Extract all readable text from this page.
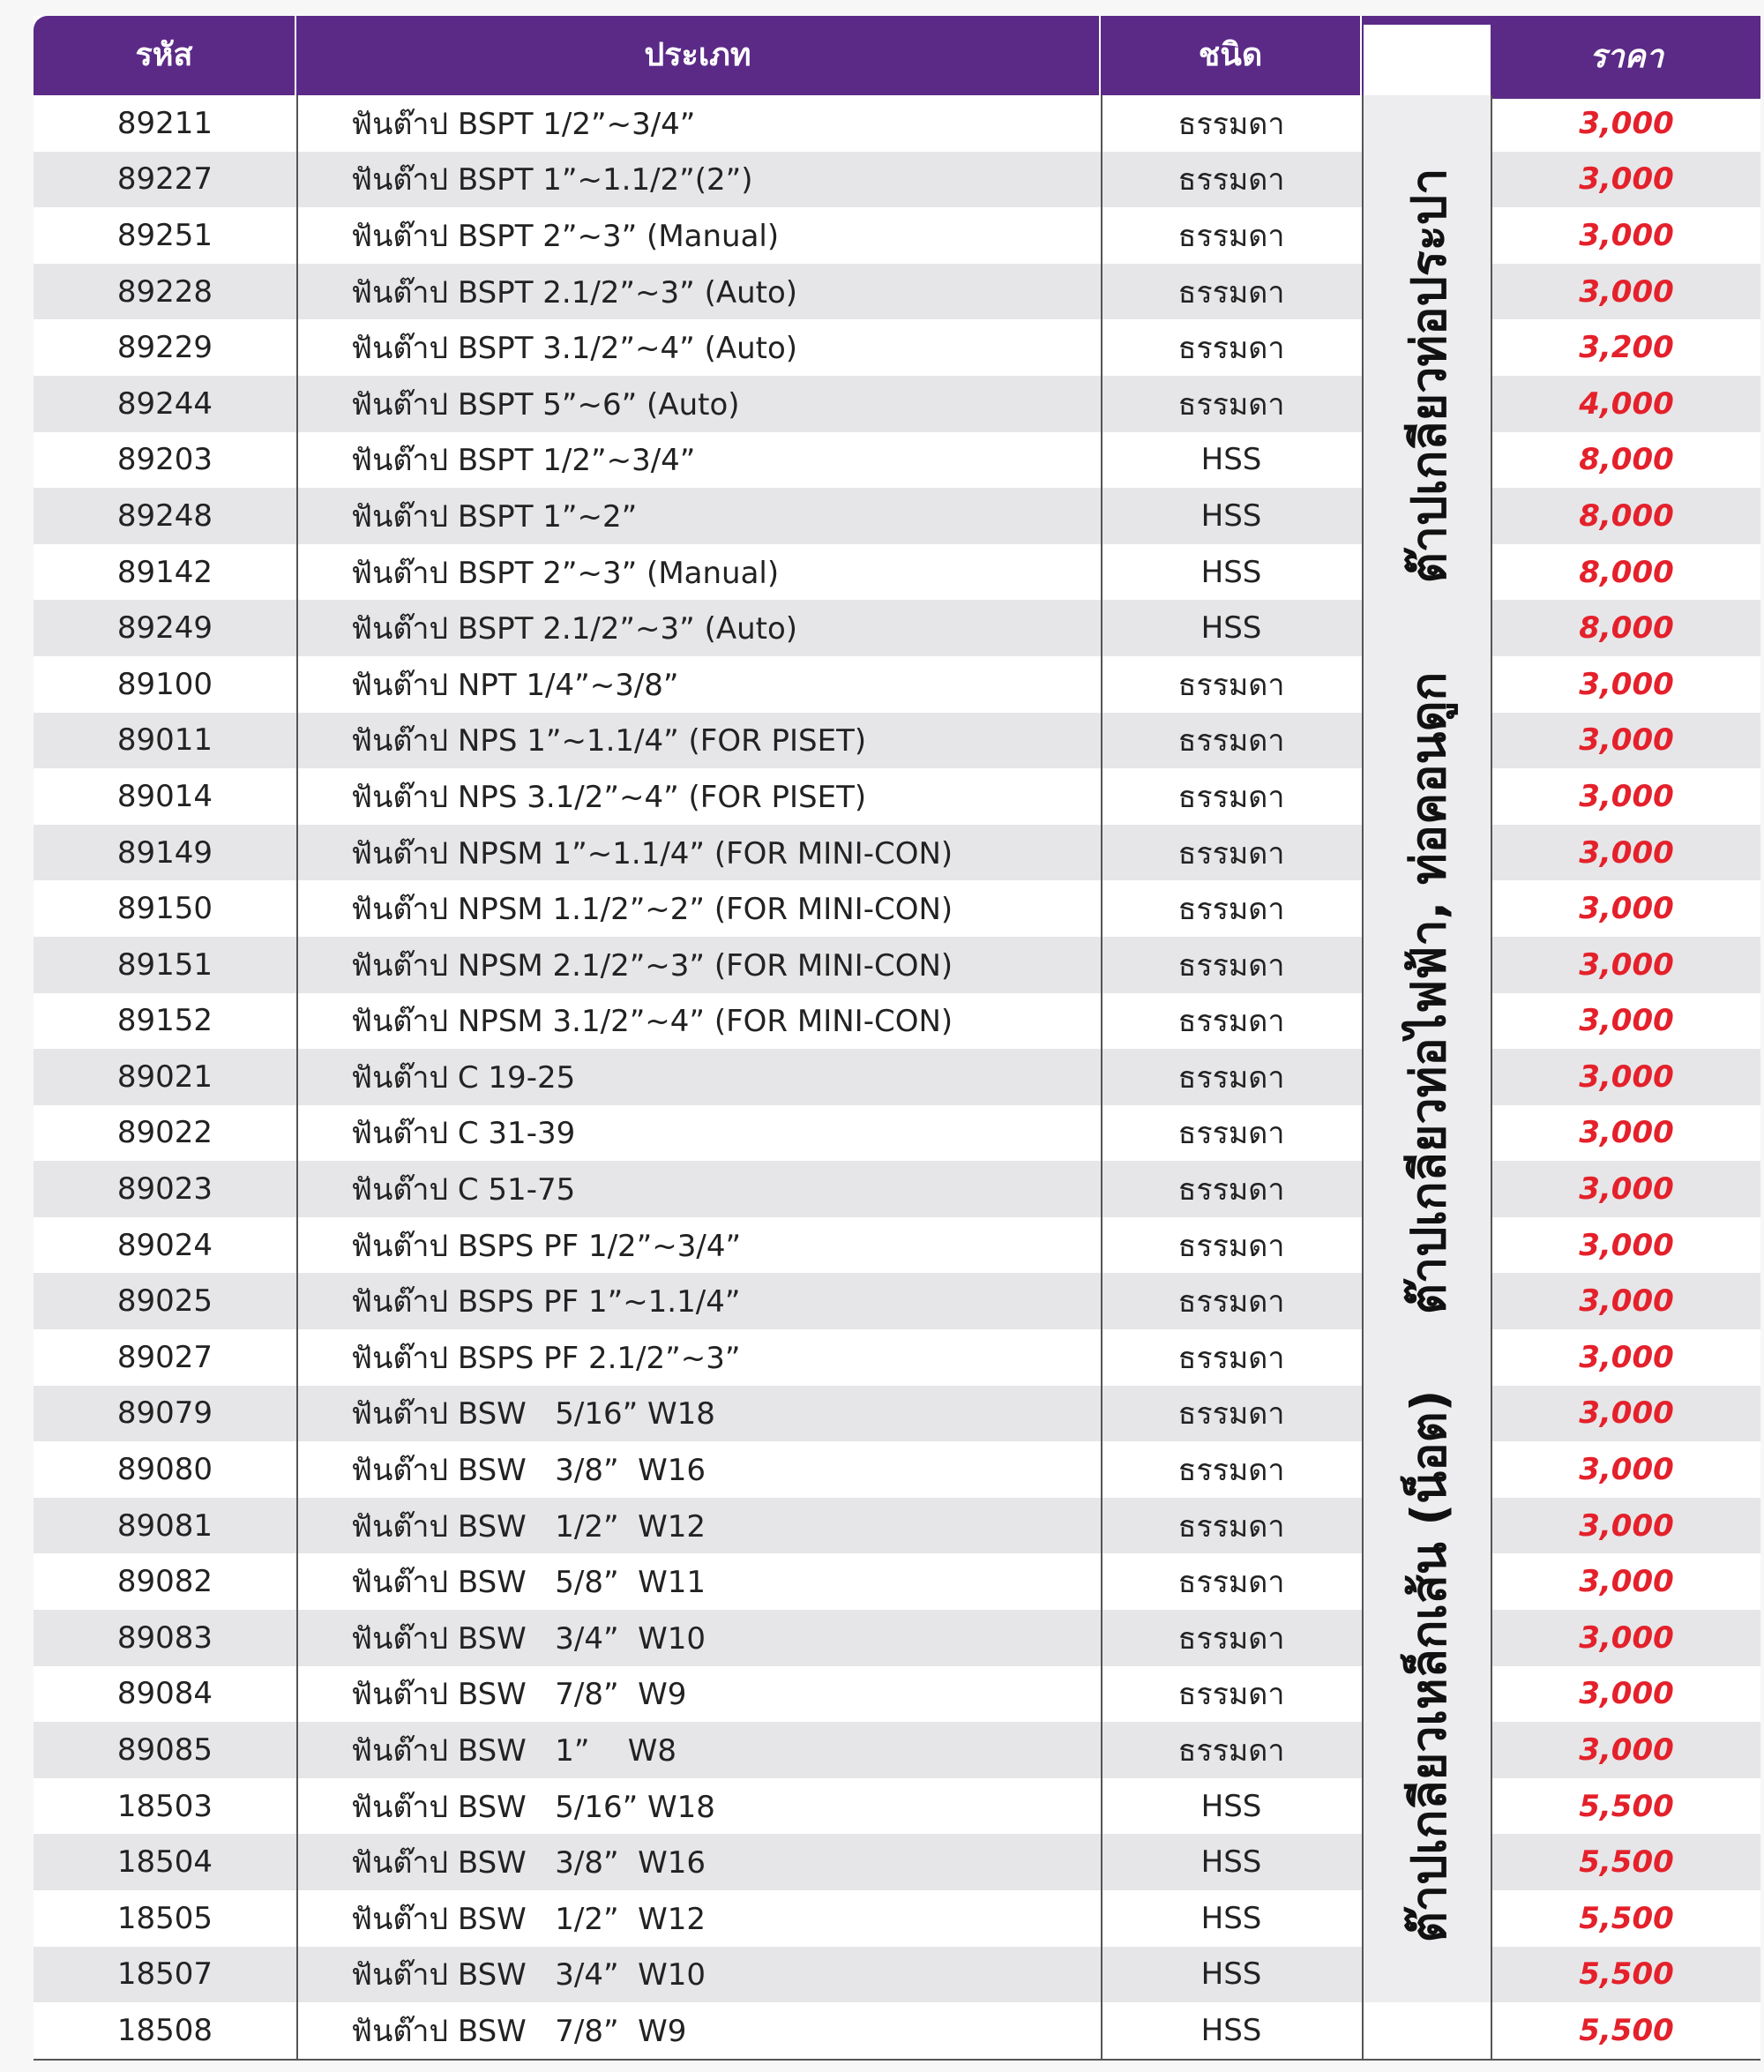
รหัส	ประเภท	ชนิด	ราคา
89211	ฟันต๊าป BSPT 1/2”~3/4”	ธรรมดา	3,000
89227	ฟันต๊าป BSPT 1”~1.1/2”(2”)	ธรรมดา	3,000
89251	ฟันต๊าป BSPT 2”~3” (Manual)	ธรรมดา	3,000
89228	ฟันต๊าป BSPT 2.1/2”~3” (Auto)	ธรรมดา	3,000
89229	ฟันต๊าป BSPT 3.1/2”~4” (Auto)	ธรรมดา	3,200
89244	ฟันต๊าป BSPT 5”~6” (Auto)	ธรรมดา	4,000
89203	ฟันต๊าป BSPT 1/2”~3/4”	HSS	8,000
89248	ฟันต๊าป BSPT 1”~2”	HSS	8,000
89142	ฟันต๊าป BSPT 2”~3” (Manual)	HSS	8,000
89249	ฟันต๊าป BSPT 2.1/2”~3” (Auto)	HSS	8,000
89100	ฟันต๊าป NPT 1/4”~3/8”	ธรรมดา	3,000
89011	ฟันต๊าป NPS 1”~1.1/4” (FOR PISET)	ธรรมดา	3,000
89014	ฟันต๊าป NPS 3.1/2”~4” (FOR PISET)	ธรรมดา	3,000
89149	ฟันต๊าป NPSM 1”~1.1/4” (FOR MINI-CON)	ธรรมดา	3,000
89150	ฟันต๊าป NPSM 1.1/2”~2” (FOR MINI-CON)	ธรรมดา	3,000
89151	ฟันต๊าป NPSM 2.1/2”~3” (FOR MINI-CON)	ธรรมดา	3,000
89152	ฟันต๊าป NPSM 3.1/2”~4” (FOR MINI-CON)	ธรรมดา	3,000
89021	ฟันต๊าป C 19-25	ธรรมดา	3,000
89022	ฟันต๊าป C 31-39	ธรรมดา	3,000
89023	ฟันต๊าป C 51-75	ธรรมดา	3,000
89024	ฟันต๊าป BSPS PF 1/2”~3/4”	ธรรมดา	3,000
89025	ฟันต๊าป BSPS PF 1”~1.1/4”	ธรรมดา	3,000
89027	ฟันต๊าป BSPS PF 2.1/2”~3”	ธรรมดา	3,000
89079	ฟันต๊าป BSW   5/16” W18	ธรรมดา	3,000
89080	ฟันต๊าป BSW   3/8”  W16	ธรรมดา	3,000
89081	ฟันต๊าป BSW   1/2”  W12	ธรรมดา	3,000
89082	ฟันต๊าป BSW   5/8”  W11	ธรรมดา	3,000
89083	ฟันต๊าป BSW   3/4”  W10	ธรรมดา	3,000
89084	ฟันต๊าป BSW   7/8”  W9	ธรรมดา	3,000
89085	ฟันต๊าป BSW   1”    W8	ธรรมดา	3,000
18503	ฟันต๊าป BSW   5/16” W18	HSS	5,500
18504	ฟันต๊าป BSW   3/8”  W16	HSS	5,500
18505	ฟันต๊าป BSW   1/2”  W12	HSS	5,500
18507	ฟันต๊าป BSW   3/4”  W10	HSS	5,500
18508	ฟันต๊าป BSW   7/8”  W9	HSS	5,500
ต๊าปเกลียวท่อประปา
ต๊าปเกลียวท่อไฟฟ้า, ท่อคอนดูก
ต๊าปเกลียวเหล็กเส้น (น็อต)
